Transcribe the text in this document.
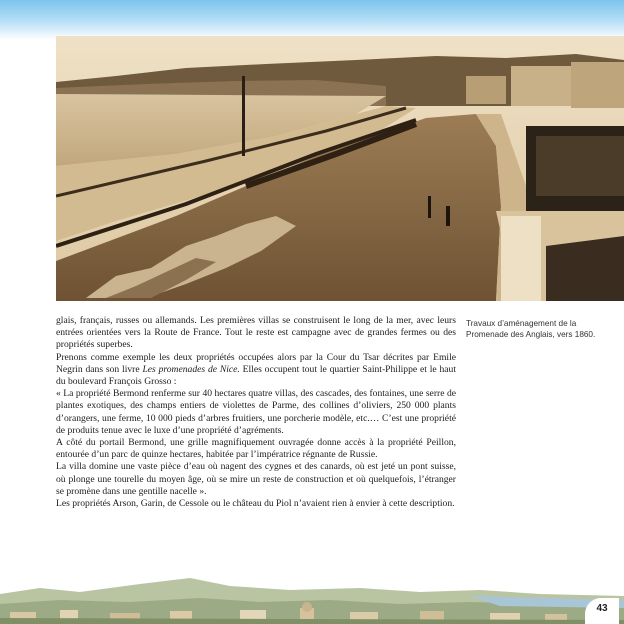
Travaux d’aménagement de la
Promenade des Anglais, vers 1860.

glais, français, russes ou allemands. Les premières villas se construisent le long de la mer, avec leurs entrées orientées vers la Route de France. Tout le reste est campagne avec de grandes fermes ou des propriétés superbes.

Prenons comme exemple les deux propriétés occupées alors par la Cour du Tsar décrites par Emile Negrin dans son livre Les promenades de Nice. Elles occupent tout le quartier Saint-Philippe et le haut du boulevard François Grosso :

« La propriété Bermond renferme sur 40 hectares quatre villas, des cascades, des fontaines, une serre de plantes exotiques, des champs entiers de violettes de Parme, des collines d’oliviers, 250 000 plants d’orangers, une ferme, 10 000 pieds d’arbres fruitiers, une porcherie modèle, etc.… C’est une propriété de produits tenue avec le luxe d’une propriété d’agréments.

A côté du portail Bermond, une grille magnifiquement ouvragée donne accès à la propriété Peillon, entourée d’un parc de quinze hectares, habitée par l’impératrice régnante de Russie.

La villa domine une vaste pièce d’eau où nagent des cygnes et des canards, où est jeté un pont suisse, où plonge une tourelle du moyen âge, où se mire un reste de construction et où quelquefois, l’étranger se promène dans une gentille nacelle ».

Les propriétés Arson, Garin, de Cessole ou le château du Piol n’avaient rien à envier à cette description.

43
